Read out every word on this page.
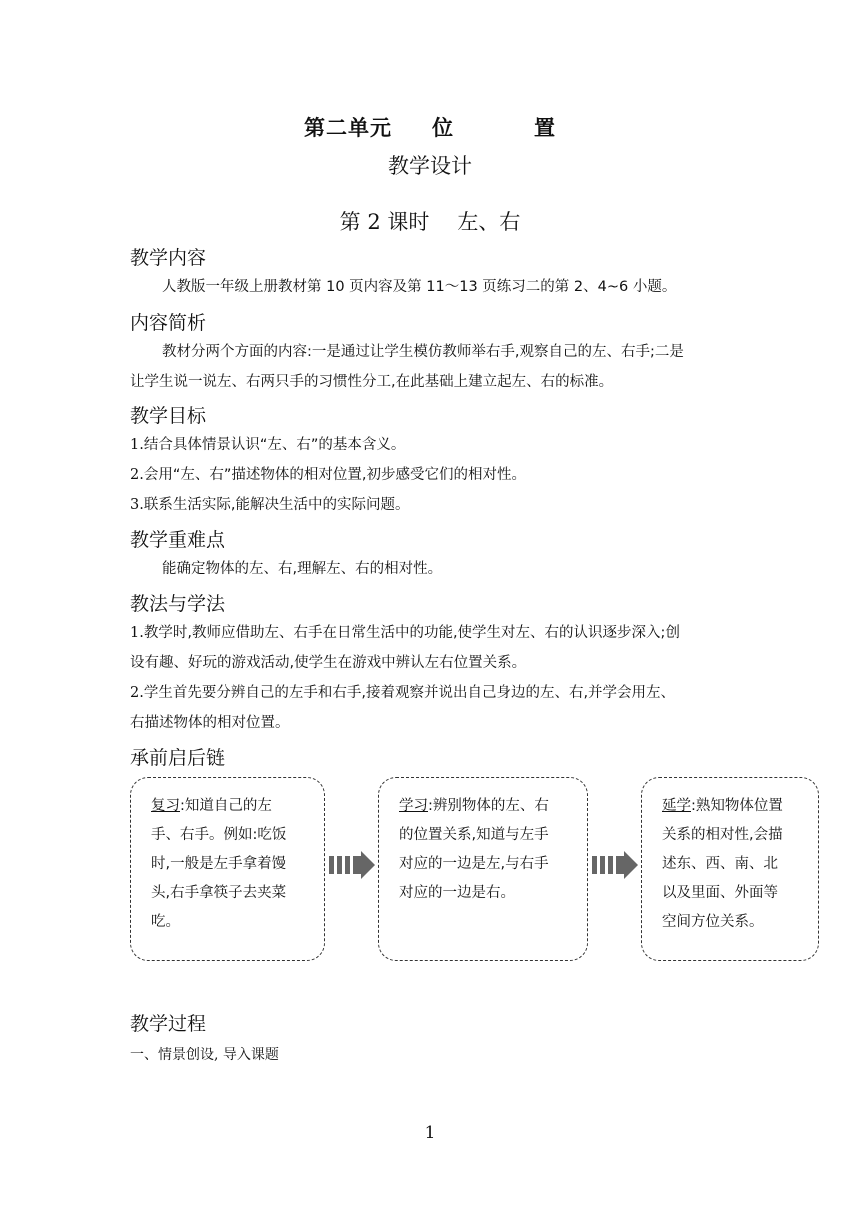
第二单元 位	置
教学设计
第 2 课时 左、右
教学内容
人教版一年级上册教材第 10 页内容及第 11～13 页练习二的第 2、4~6 小题。
内容简析
教材分两个方面的内容:一是通过让学生模仿教师举右手,观察自己的左、右手;二是
让学生说一说左、右两只手的习惯性分工,在此基础上建立起左、右的标准。
教学目标
1.结合具体情景认识“左、右”的基本含义。
2.会用“左、右”描述物体的相对位置,初步感受它们的相对性。
3.联系生活实际,能解决生活中的实际问题。
教学重难点
能确定物体的左、右,理解左、右的相对性。
教法与学法
1.教学时,教师应借助左、右手在日常生活中的功能,使学生对左、右的认识逐步深入;创
设有趣、好玩的游戏活动,使学生在游戏中辨认左右位置关系。
2.学生首先要分辨自己的左手和右手,接着观察并说出自己身边的左、右,并学会用左、
右描述物体的相对位置。
承前启后链
复习:知道自己的左
手、右手。例如:吃饭
时,一般是左手拿着馒
头,右手拿筷子去夹菜
吃。
学习:辨别物体的左、右
的位置关系,知道与左手
对应的一边是左,与右手
对应的一边是右。
延学:熟知物体位置
关系的相对性,会描
述东、西、南、北
以及里面、外面等
空间方位关系。
教学过程
一、情景创设, 导入课题
1
